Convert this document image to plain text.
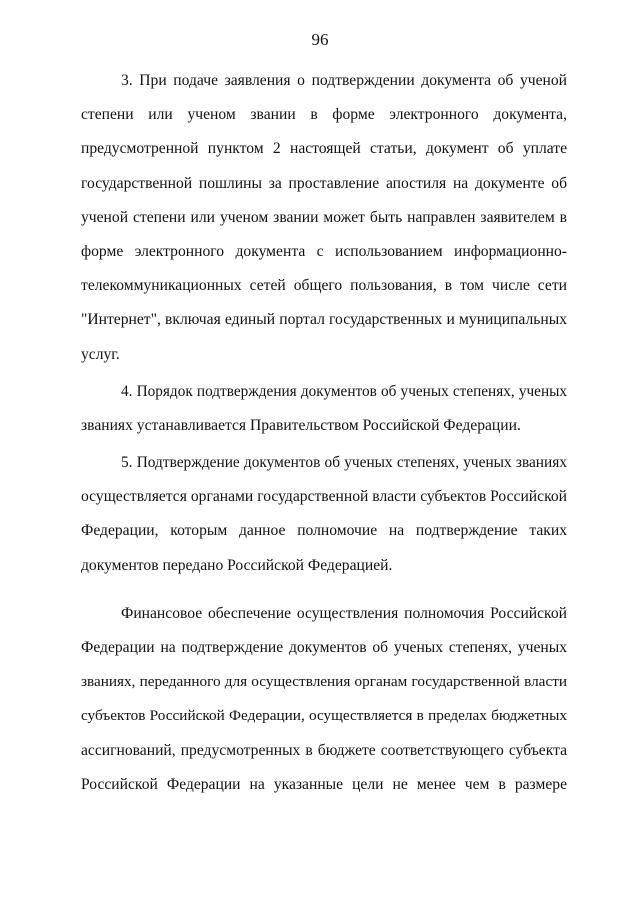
96

3. При подаче заявления о подтверждении документа об ученой
степени или ученом звании в форме электронного документа,
предусмотренной пунктом 2 настоящей статьи, документ об уплате
государственной пошлины за проставление апостиля на документе об
ученой степени или ученом звании может быть направлен заявителем в
форме электронного документа с использованием информационно-
телекоммуникационных сетей общего пользования, в том числе сети
"Интернет", включая единый портал государственных и муниципальных
услуг.

4. Порядок подтверждения документов об ученых степенях, ученых
званиях устанавливается Правительством Российской Федерации.

5. Подтверждение документов об ученых степенях, ученых званиях
осуществляется органами государственной власти субъектов Российской
Федерации, которым данное полномочие на подтверждение таких
документов передано Российской Федерацией.

Финансовое обеспечение осуществления полномочия Российской
Федерации на подтверждение документов об ученых степенях, ученых
званиях, переданного для осуществления органам государственной власти
субъектов Российской Федерации, осуществляется в пределах бюджетных
ассигнований, предусмотренных в бюджете соответствующего субъекта
Российской Федерации на указанные цели не менее чем в размере
